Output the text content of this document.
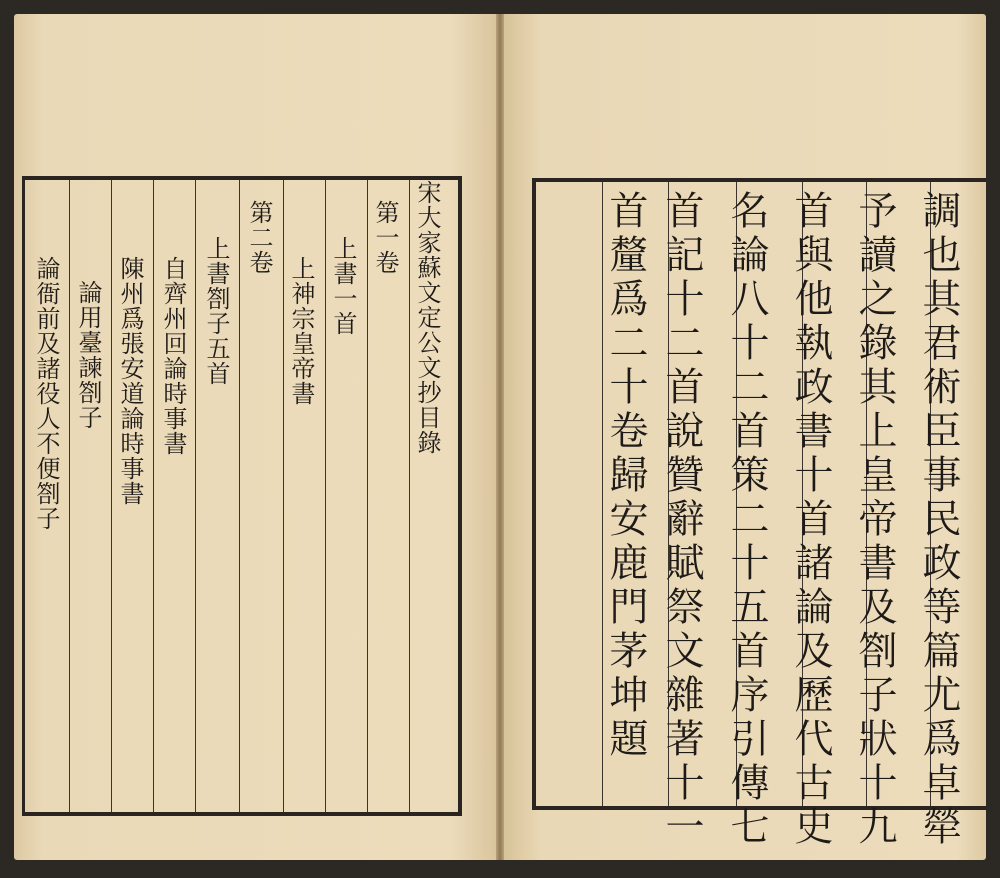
宋大家蘇文定公文抄目錄
第一卷
上書一首
上神宗皇帝書
第二卷
上書劄子五首
自齊州回論時事書
陳州爲張安道論時事書
論用臺諫劄子
論衙前及諸役人不便劄子	調也其君術臣事民政等篇尤爲卓犖
予讀之錄其上皇帝書及劄子狀十九
首與他執政書十首諸論及歷代古史
名論八十二首策二十五首序引傳七
首記十二首說贊辭賦祭文雜著十一
首釐爲二十卷歸安鹿門茅坤題
